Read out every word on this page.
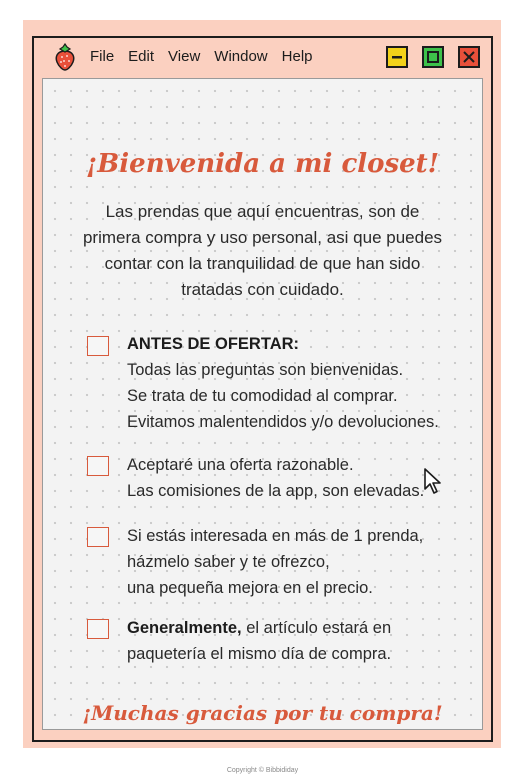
File Edit View Window Help
¡Bienvenida a mi closet!
Las prendas que aquí encuentras, son de
primera compra y uso personal, asi que puedes
contar con la tranquilidad de que han sido
tratadas con cuidado.
ANTES DE OFERTAR:
Todas las preguntas son bienvenidas.
Se trata de tu comodidad al comprar.
Evitamos malentendidos y/o devoluciones.
Aceptaré una oferta razonable.
Las comisiones de la app, son elevadas.
Si estás interesada en más de 1 prenda,
házmelo saber y te ofrezco,
una pequeña mejora en el precio.
Generalmente, el artículo estará en
paquetería el mismo día de compra.
¡Muchas gracias por tu compra!
Copyright © Bibbididay
